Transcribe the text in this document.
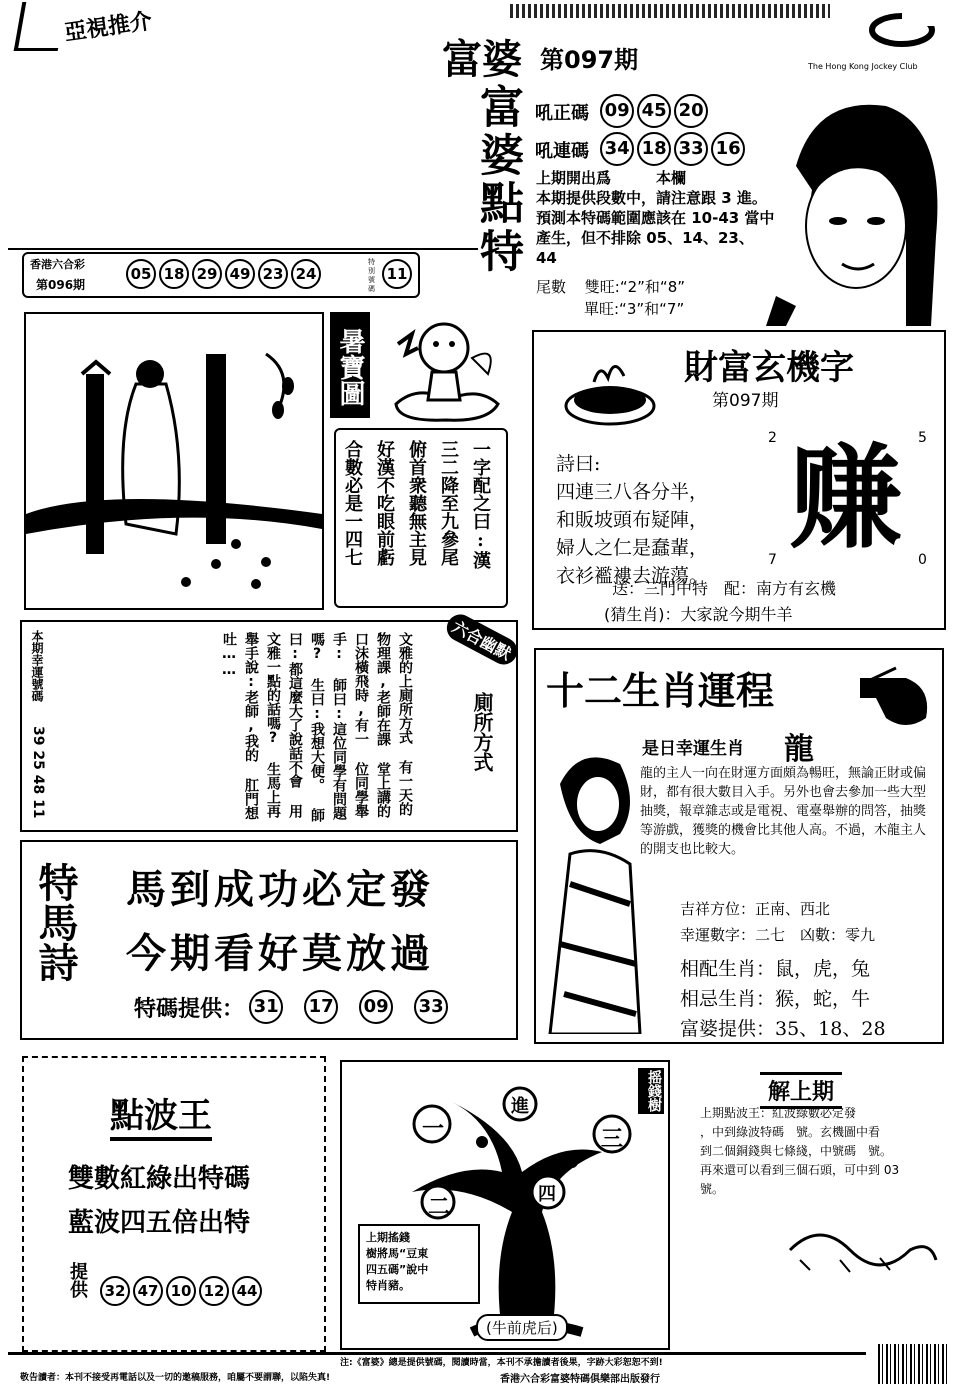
亞視推介
富婆 第097期	The Hong Kong Jockey Club
富婆點特 吼正碼 09 45 20
吼連碼 34 18 33 16
上期開出爲　　　本欄
本期提供段數中，請注意跟 3 進。
預測本特碼範圍應該在 10-43 當中
產生，但不排除 05、14、23、
44
尾數 雙旺:“2”和“8”
單旺:“3”和“7”
香港六合彩
第096期
05 18 29 49 23 24
特別號碼
11
暑寶圖
一字配之曰:漢 三二降至九參尾 俯首衆聽無主見 好漢不吃眼前虧 合數必是一四七
財富玄機字
第097期
詩曰:
四連三八各分半，
和販坡頭布疑陣，
婦人之仁是蠢輩，
衣衫襤褸去游蕩。
2	5
7	0
赚
送：三門中特　配：南方有玄機
(猜生肖)：大家說今期牛羊
本期幸運號碼
39 25 48 11
文雅的上廁所方式 有一天的物理課,老師在課 堂上講的口沫橫飛時,有一 位同學舉手: 師曰:這位同學有問題嗎? 生曰:我想大便。 師曰:都這麼大了說話不會 用文雅一點的話嗎? 生馬上再舉手說:老師,我的 肛門想吐……
廁所方式
六合幽默
十二生肖運程
是日幸運生肖 龍
龍的主人一向在財運方面頗為暢旺，無論正財或偏財，都有很大數目入手。另外也會去參加一些大型抽獎，報章雜志或是電視、電臺舉辦的問答，抽獎等游戲，獲獎的機會比其他人高。不過，木龍主人的開支也比較大。
吉祥方位：正南、西北
幸運數字：二七　凶數：零九
相配生肖：鼠，虎，兔
相忌生肖：猴，蛇，牛
富婆提供：35、18、28
特馬詩 馬到成功必定發
今期看好莫放過
特碼提供： 31 17 09 33
點波王
雙數紅綠出特碼
藍波四五倍出特
提供	32 47 10 12 44
一
二
三
四
進	摇錢樹
上期搖錢
樹將馬“豆東
四五碼”說中
特肖豬。
(牛前虎后)
解上期
上期點波王：紅波綠數必定發
，中到綠波特碼　號。玄機圖中看
到二個銅錢與七條綫，中號碼　號。
再來還可以看到三個石頭，可中到 03
號。
注:《富婆》總是提供號碼，閱讀時當，本刊不承擔讀者後果，字跡大彩恕恕不到!
敬告讀者：本刊不接受再電話以及一切的邀稿服務，咱屬不要謂聯，以陷失真!	香港六合彩富婆特碼俱樂部出版發行
